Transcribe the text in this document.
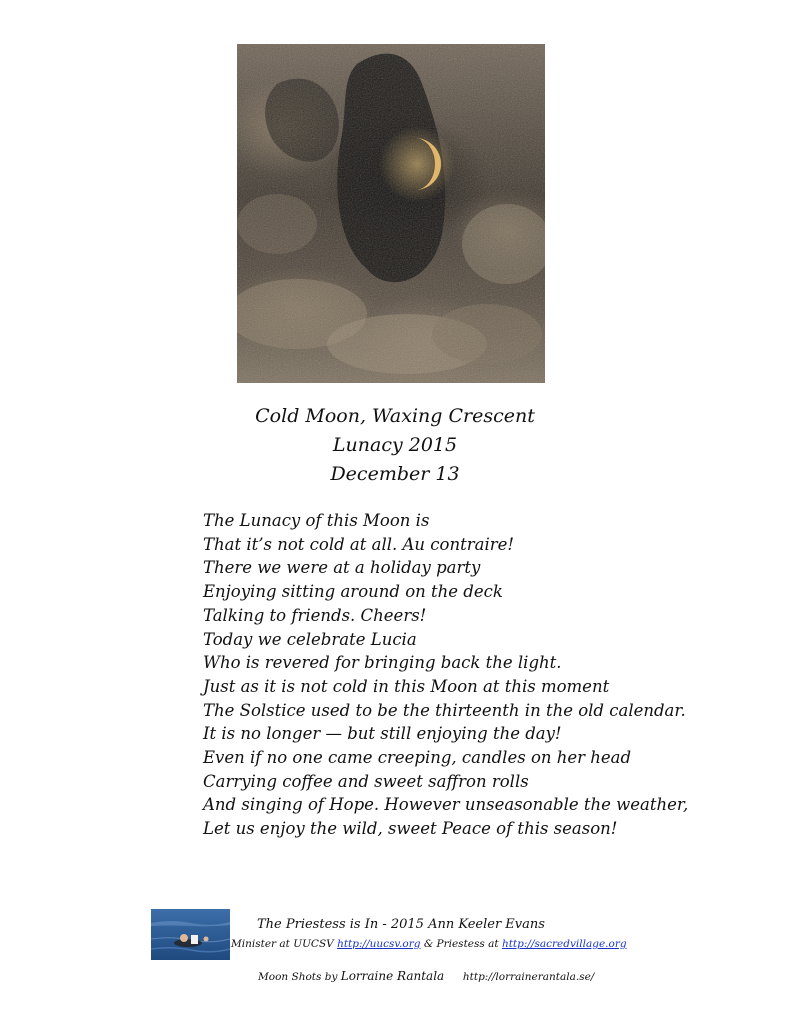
Cold Moon, Waxing Crescent
Lunacy 2015
December 13
The Lunacy of this Moon is
That it’s not cold at all. Au contraire!
There we were at a holiday party
Enjoying sitting around on the deck
Talking to friends. Cheers!
Today we celebrate Lucia
Who is revered for bringing back the light.
Just as it is not cold in this Moon at this moment
The Solstice used to be the thirteenth in the old calendar.
It is no longer — but still enjoying the day!
Even if no one came creeping, candles on her head
Carrying coffee and sweet saffron rolls
And singing of Hope. However unseasonable the weather,
Let us enjoy the wild, sweet Peace of this season!
The Priestess is In - 2015 Ann Keeler Evans
Minister at UUCSV http://uucsv.org & Priestess at http://sacredvillage.org
Moon Shots by Lorraine Rantala http://lorrainerantala.se/
